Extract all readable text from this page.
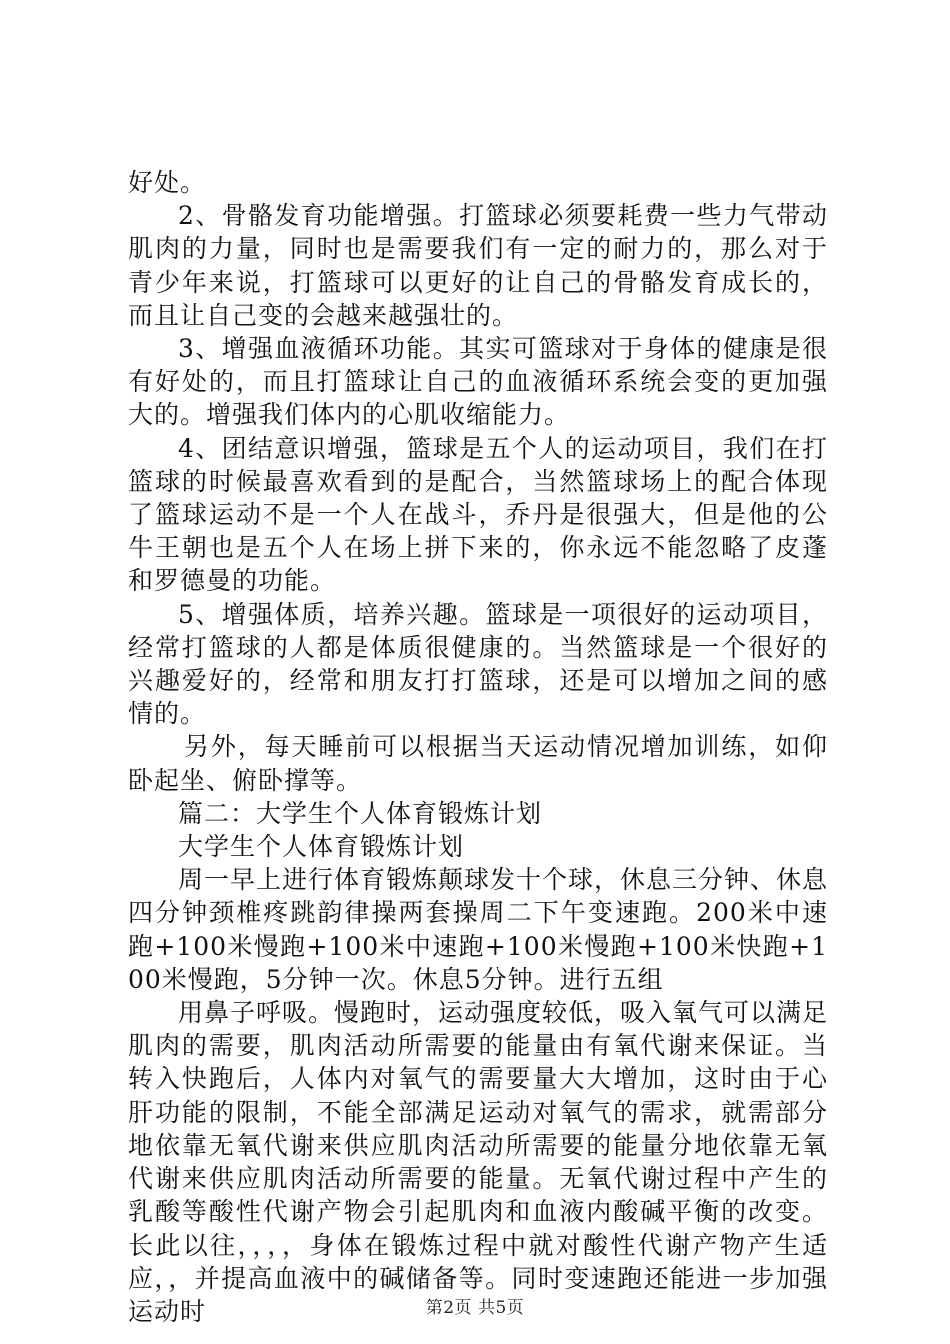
好处。

2、骨骼发育功能增强。打篮球必须要耗费一些力气带动肌肉的力量，同时也是需要我们有一定的耐力的，那么对于青少年来说，打篮球可以更好的让自己的骨骼发育成长的，而且让自己变的会越来越强壮的。

3、增强血液循环功能。其实可篮球对于身体的健康是很有好处的，而且打篮球让自己的血液循环系统会变的更加强大的。增强我们体内的心肌收缩能力。

4、团结意识增强，篮球是五个人的运动项目，我们在打篮球的时候最喜欢看到的是配合，当然篮球场上的配合体现了篮球运动不是一个人在战斗，乔丹是很强大，但是他的公牛王朝也是五个人在场上拼下来的，你永远不能忽略了皮蓬和罗德曼的功能。

5、增强体质，培养兴趣。篮球是一项很好的运动项目，经常打篮球的人都是体质很健康的。当然篮球是一个很好的兴趣爱好的，经常和朋友打打篮球，还是可以增加之间的感情的。

另外，每天睡前可以根据当天运动情况增加训练，如仰卧起坐、俯卧撑等。

篇二：大学生个人体育锻炼计划

大学生个人体育锻炼计划

周一早上进行体育锻炼颠球发十个球，休息三分钟、休息四分钟颈椎疼跳韵律操两套操周二下午变速跑。200米中速跑+100米慢跑+100米中速跑+100米慢跑+100米快跑+100米慢跑，5分钟一次。休息5分钟。进行五组

用鼻子呼吸。慢跑时，运动强度较低，吸入氧气可以满足肌肉的需要，肌肉活动所需要的能量由有氧代谢来保证。当转入快跑后，人体内对氧气的需要量大大增加，这时由于心肝功能的限制，不能全部满足运动对氧气的需求，就需部分地依靠无氧代谢来供应肌肉活动所需要的能量分地依靠无氧代谢来供应肌肉活动所需要的能量。无氧代谢过程中产生的乳酸等酸性代谢产物会引起肌肉和血液内酸碱平衡的改变。长此以往，，，，身体在锻炼过程中就对酸性代谢产物产生适应，，并提高血液中的碱储备等。同时变速跑还能进一步加强运动时	第2页 共5页
